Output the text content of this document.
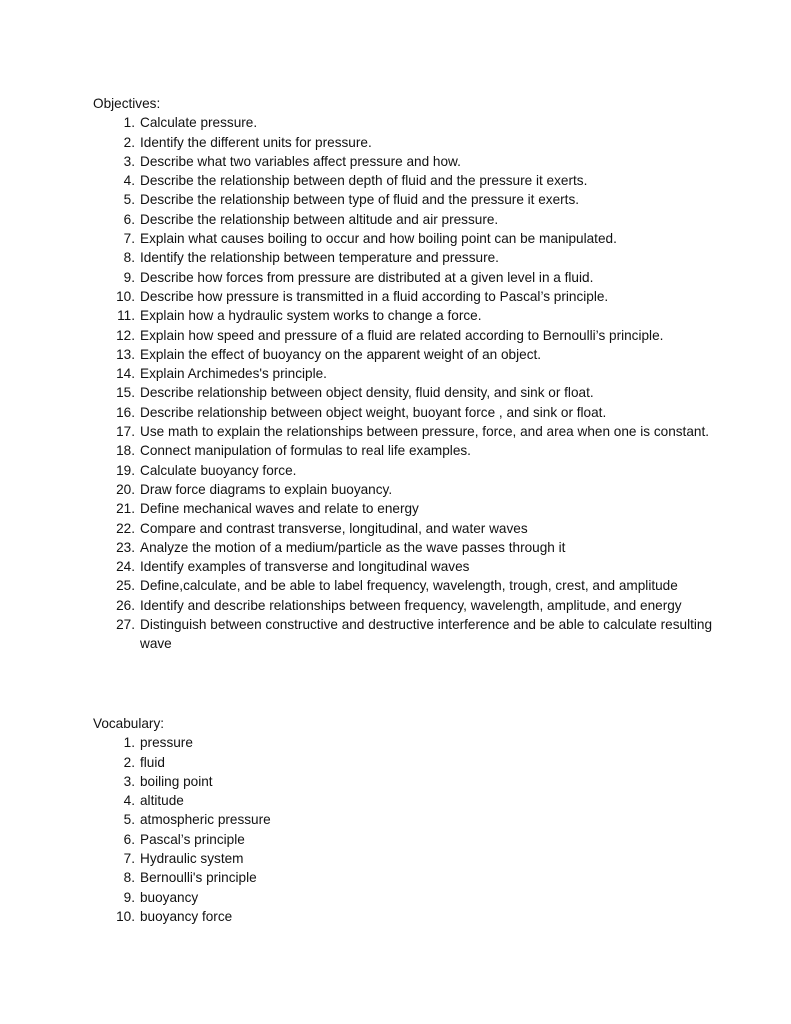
Objectives:
1. Calculate pressure.
2. Identify the different units for pressure.
3. Describe what two variables affect pressure and how.
4. Describe the relationship between depth of fluid and the pressure it exerts.
5. Describe the relationship between type of fluid and the pressure it exerts.
6. Describe the relationship between altitude and air pressure.
7. Explain what causes boiling to occur and how boiling point can be manipulated.
8. Identify the relationship between temperature and pressure.
9. Describe how forces from pressure are distributed at a given level in a fluid.
10. Describe how pressure is transmitted in a fluid according to Pascal’s principle.
11. Explain how a hydraulic system works to change a force.
12. Explain how speed and pressure of a fluid are related according to Bernoulli’s principle.
13. Explain the effect of buoyancy on the apparent weight of an object.
14. Explain Archimedes's principle.
15. Describe relationship between object density, fluid density, and sink or float.
16. Describe relationship between object weight, buoyant force , and sink or float.
17. Use math to explain the relationships between pressure, force, and area when one is constant.
18. Connect manipulation of formulas to real life examples.
19. Calculate buoyancy force.
20. Draw force diagrams to explain buoyancy.
21. Define mechanical waves and relate to energy
22. Compare and contrast transverse, longitudinal, and water waves
23. Analyze the motion of a medium/particle as the wave passes through it
24. Identify examples of transverse and longitudinal waves
25. Define,calculate, and be able to label frequency, wavelength, trough, crest, and amplitude
26. Identify and describe relationships between frequency, wavelength, amplitude, and energy
27. Distinguish between constructive and destructive interference and be able to calculate resulting wave
Vocabulary:
1. pressure
2. fluid
3. boiling point
4. altitude
5. atmospheric pressure
6. Pascal’s principle
7. Hydraulic system
8. Bernoulli's principle
9. buoyancy
10. buoyancy force
